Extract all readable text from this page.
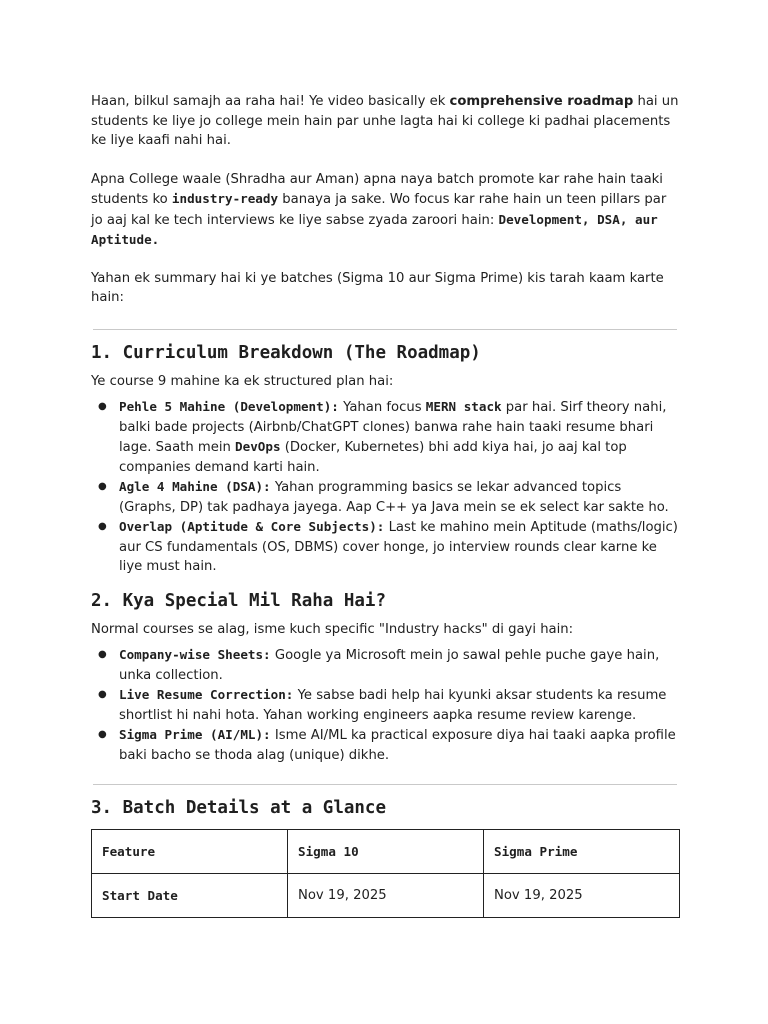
Haan, bilkul samajh aa raha hai! Ye video basically ek comprehensive roadmap hai un students ke liye jo college mein hain par unhe lagta hai ki college ki padhai placements ke liye kaafi nahi hai.

Apna College waale (Shradha aur Aman) apna naya batch promote kar rahe hain taaki students ko industry-ready banaya ja sake. Wo focus kar rahe hain un teen pillars par jo aaj kal ke tech interviews ke liye sabse zyada zaroori hain: Development, DSA, aur Aptitude.

Yahan ek summary hai ki ye batches (Sigma 10 aur Sigma Prime) kis tarah kaam karte hain:

1. Curriculum Breakdown (The Roadmap)

Ye course 9 mahine ka ek structured plan hai:

● Pehle 5 Mahine (Development): Yahan focus MERN stack par hai. Sirf theory nahi, balki bade projects (Airbnb/ChatGPT clones) banwa rahe hain taaki resume bhari lage. Saath mein DevOps (Docker, Kubernetes) bhi add kiya hai, jo aaj kal top companies demand karti hain.
● Agle 4 Mahine (DSA): Yahan programming basics se lekar advanced topics (Graphs, DP) tak padhaya jayega. Aap C++ ya Java mein se ek select kar sakte ho.
● Overlap (Aptitude & Core Subjects): Last ke mahino mein Aptitude (maths/logic) aur CS fundamentals (OS, DBMS) cover honge, jo interview rounds clear karne ke liye must hain.
2. Kya Special Mil Raha Hai?

Normal courses se alag, isme kuch specific "Industry hacks" di gayi hain:

● Company-wise Sheets: Google ya Microsoft mein jo sawal pehle puche gaye hain, unka collection.
● Live Resume Correction: Ye sabse badi help hai kyunki aksar students ka resume shortlist hi nahi hota. Yahan working engineers aapka resume review karenge.
● Sigma Prime (AI/ML): Isme AI/ML ka practical exposure diya hai taaki aapka profile baki bacho se thoda alag (unique) dikhe.
3. Batch Details at a Glance
Feature	Sigma 10	Sigma Prime
Start Date	Nov 19, 2025	Nov 19, 2025
